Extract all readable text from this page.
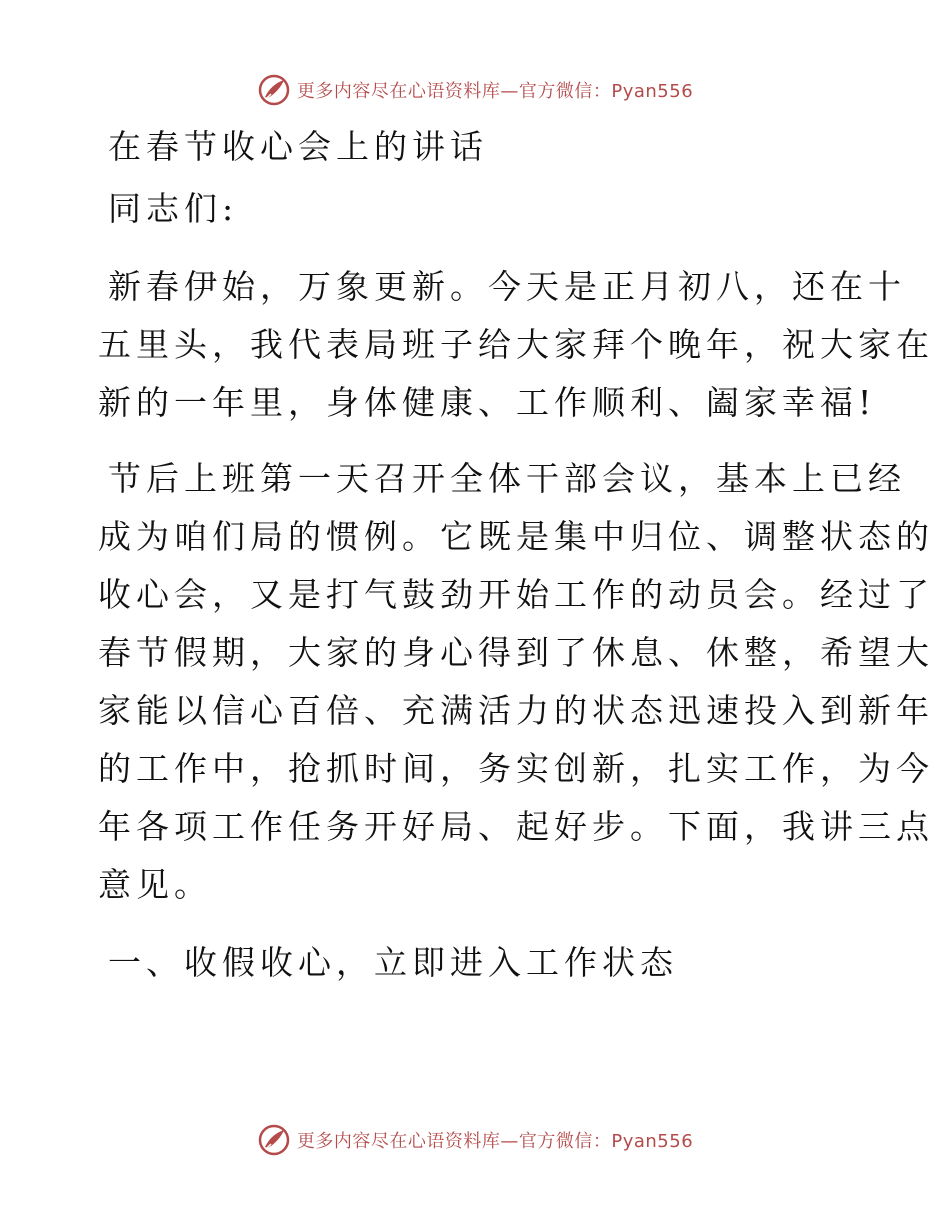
更多内容尽在心语资料库—官方微信：Pyan556

在春节收心会上的讲话

同志们:

新春伊始，万象更新。今天是正月初八，还在十

五里头，我代表局班子给大家拜个晚年，祝大家在

新的一年里，身体健康、工作顺利、阖家幸福!

节后上班第一天召开全体干部会议，基本上已经

成为咱们局的惯例。它既是集中归位、调整状态的

收心会，又是打气鼓劲开始工作的动员会。经过了

春节假期，大家的身心得到了休息、休整，希望大

家能以信心百倍、充满活力的状态迅速投入到新年

的工作中，抢抓时间，务实创新，扎实工作，为今

年各项工作任务开好局、起好步。下面，我讲三点

意见。

一、收假收心，立即进入工作状态

更多内容尽在心语资料库—官方微信：Pyan556
